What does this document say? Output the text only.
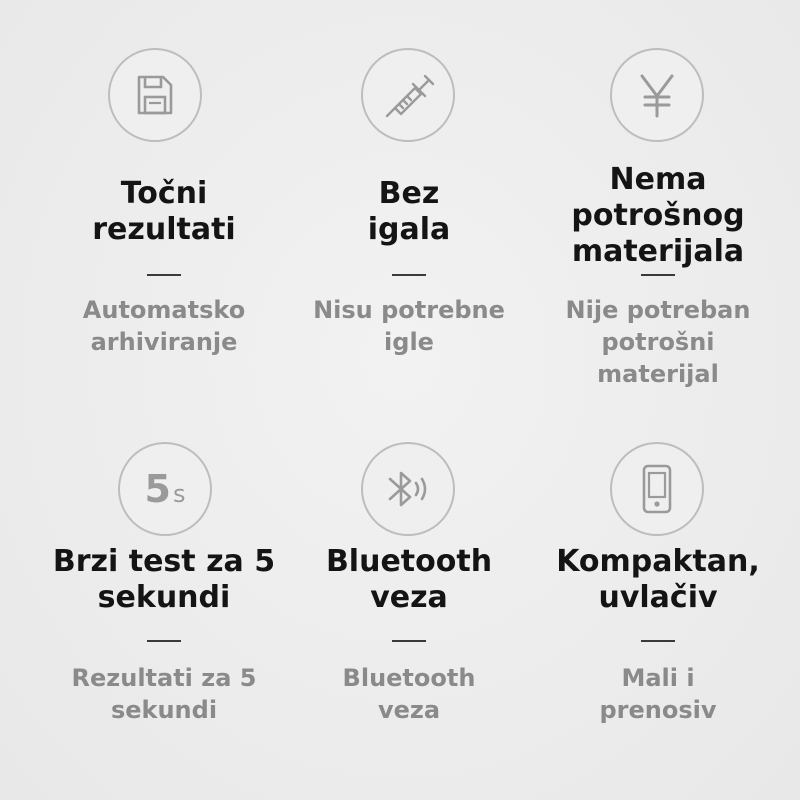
Točni
rezultati
Automatsko
arhiviranje
Bez
igala
Nisu potrebne
igle
Nema
potrošnog
materijala
Nije potreban
potrošni
materijal
5 s
Brzi test za 5
sekundi
Rezultati za 5
sekundi
Bluetooth
veza
Bluetooth
veza
Kompaktan,
uvlačiv
Mali i
prenosiv
